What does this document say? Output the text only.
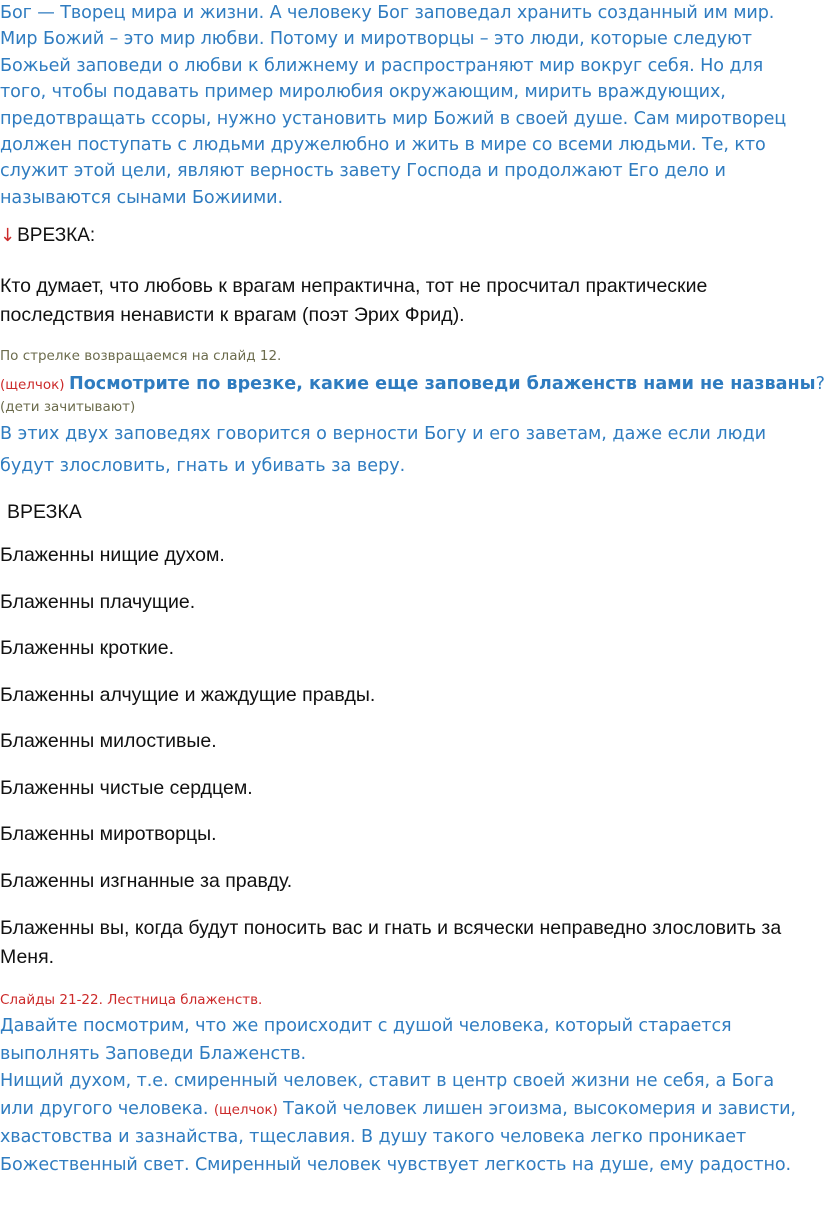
Бог — Творец мира и жизни. А человеку Бог заповедал хранить созданный им мир. Мир Божий – это мир любви. Потому и миротворцы – это люди, которые следуют Божьей заповеди о любви к ближнему и распространяют мир вокруг себя. Но для того, чтобы подавать пример миролюбия окружающим, мирить враждующих, предотвращать ссоры, нужно установить мир Божий в своей душе. Сам миротворец должен поступать с людьми дружелюбно и жить в мире со всеми людьми. Те, кто служит этой цели, являют верность завету Господа и продолжают Его дело и называются сынами Божиими.
↓ ВРЕЗКА:
Кто думает, что любовь к врагам непрактична, тот не просчитал практические последствия ненависти к врагам (поэт Эрих Фрид).
По стрелке возвращаемся на слайд 12.
(щелчок) Посмотрите по врезке, какие еще заповеди блаженств нами не названы?
(дети зачитывают)
В этих двух заповедях говорится о верности Богу и его заветам, даже если люди будут злословить, гнать и убивать за веру.
ВРЕЗКА
Блаженны нищие духом.
Блаженны плачущие.
Блаженны кроткие.
Блаженны алчущие и жаждущие правды.
Блаженны милостивые.
Блаженны чистые сердцем.
Блаженны миротворцы.
Блаженны изгнанные за правду.
Блаженны вы, когда будут поносить вас и гнать и всячески неправедно злословить за Меня.
Слайды 21-22. Лестница блаженств.
Давайте посмотрим, что же происходит с душой человека, который старается выполнять Заповеди Блаженств.
Нищий духом, т.е. смиренный человек, ставит в центр своей жизни не себя, а Бога или другого человека. (щелчок) Такой человек лишен эгоизма, высокомерия и зависти, хвастовства и зазнайства, тщеславия. В душу такого человека легко проникает Божественный свет. Смиренный человек чувствует легкость на душе, ему радостно.
